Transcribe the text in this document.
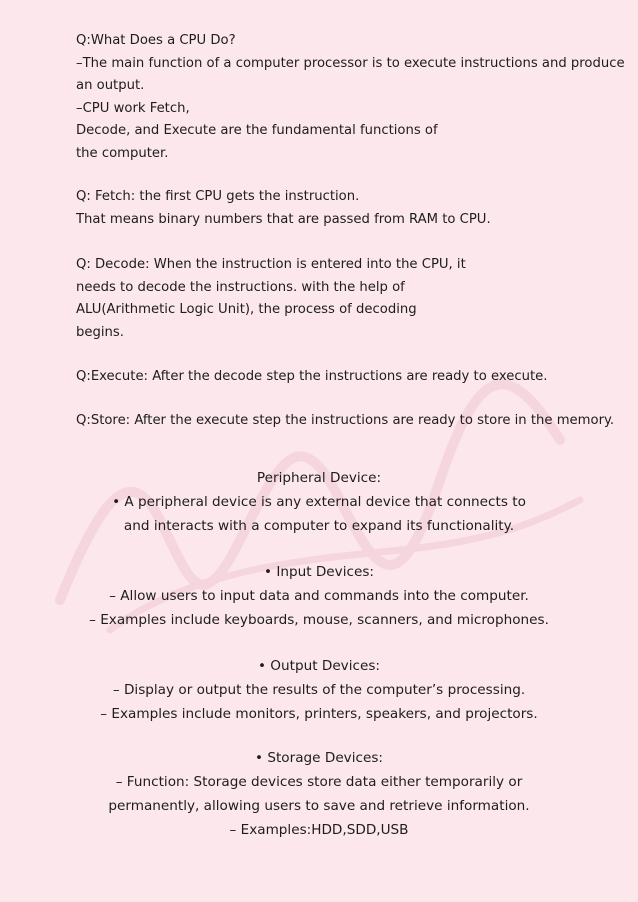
Q:What Does a CPU Do?

–The main function of a computer processor is to execute instructions and produce

an output.

–CPU work Fetch,

Decode, and Execute are the fundamental functions of

the computer.

Q: Fetch: the first CPU gets the instruction.

That means binary numbers that are passed from RAM to CPU.

Q: Decode: When the instruction is entered into the CPU, it

needs to decode the instructions. with the help of

ALU(Arithmetic Logic Unit), the process of decoding

begins.

Q:Execute: After the decode step the instructions are ready to execute.

Q:Store: After the execute step the instructions are ready to store in the memory.

Peripheral Device:

• A peripheral device is any external device that connects to

and interacts with a computer to expand its functionality.

• Input Devices:

– Allow users to input data and commands into the computer.

– Examples include keyboards, mouse, scanners, and microphones.

• Output Devices:

– Display or output the results of the computer’s processing.

– Examples include monitors, printers, speakers, and projectors.

• Storage Devices:

– Function: Storage devices store data either temporarily or

permanently, allowing users to save and retrieve information.

– Examples:HDD,SDD,USB
